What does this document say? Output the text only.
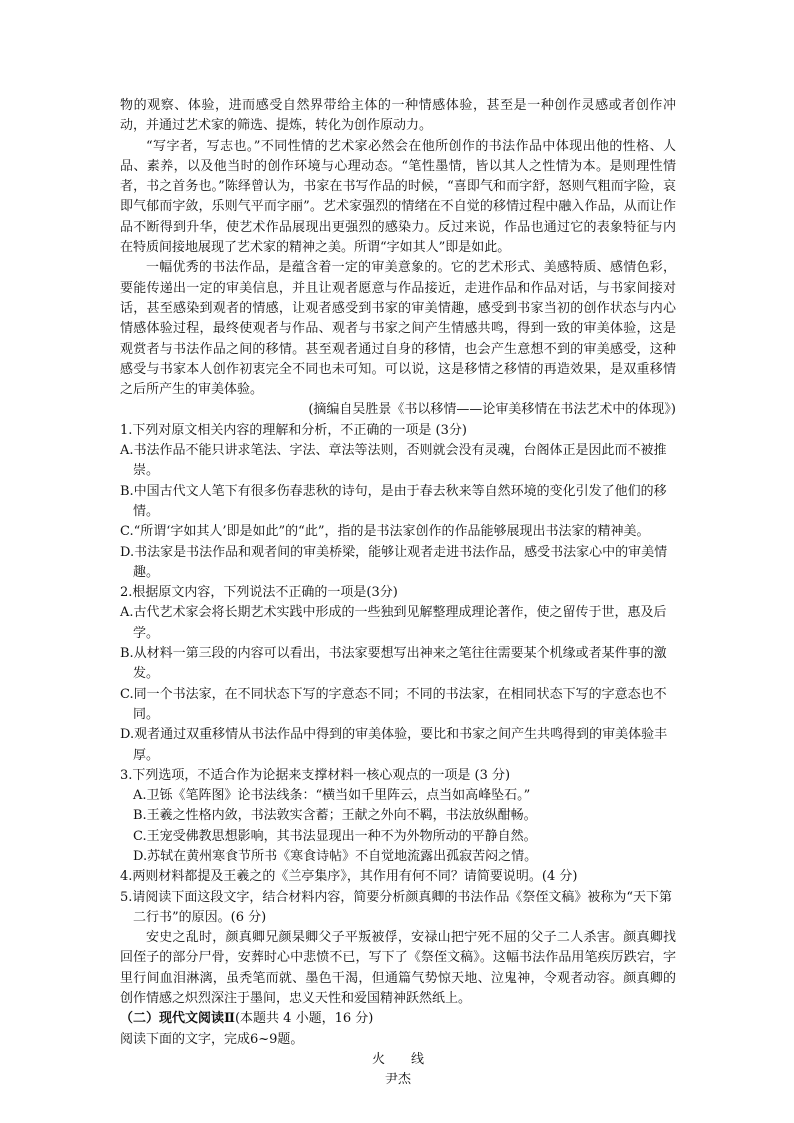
物的观察、体验，进而感受自然界带给主体的一种情感体验，甚至是一种创作灵感或者创作冲动，并通过艺术家的筛选、提炼，转化为创作原动力。

“写字者，写志也。”不同性情的艺术家必然会在他所创作的书法作品中体现出他的性格、人品、素养，以及他当时的创作环境与心理动态。“笔性墨情，皆以其人之性情为本。是则理性情者，书之首务也。”陈绎曾认为，书家在书写作品的时候，“喜即气和而字舒，怒则气粗而字险，哀即气郁而字敛，乐则气平而字丽”。艺术家强烈的情绪在不自觉的移情过程中融入作品，从而让作品不断得到升华，使艺术作品展现出更强烈的感染力。反过来说，作品也通过它的表象特征与内在特质间接地展现了艺术家的精神之美。所谓“字如其人”即是如此。

一幅优秀的书法作品，是蕴含着一定的审美意象的。它的艺术形式、美感特质、感情色彩，要能传递出一定的审美信息，并且让观者愿意与作品接近，走进作品和作品对话，与书家间接对话，甚至感染到观者的情感，让观者感受到书家的审美情趣，感受到书家当初的创作状态与内心情感体验过程，最终使观者与作品、观者与书家之间产生情感共鸣，得到一致的审美体验，这是观赏者与书法作品之间的移情。甚至观者通过自身的移情，也会产生意想不到的审美感受，这种感受与书家本人创作初衷完全不同也未可知。可以说，这是移情之移情的再造效果，是双重移情之后所产生的审美体验。

(摘编自吴胜景《书以移情——论审美移情在书法艺术中的体现》)

1.下列对原文相关内容的理解和分析，不正确的一项是 (3分)

A.书法作品不能只讲求笔法、字法、章法等法则，否则就会没有灵魂，台阁体正是因此而不被推崇。

B.中国古代文人笔下有很多伤春悲秋的诗句，是由于春去秋来等自然环境的变化引发了他们的移情。

C.“所谓‘字如其人’即是如此”的“此”，指的是书法家创作的作品能够展现出书法家的精神美。

D.书法家是书法作品和观者间的审美桥梁，能够让观者走进书法作品，感受书法家心中的审美情趣。

2.根据原文内容，下列说法不正确的一项是(3分)

A.古代艺术家会将长期艺术实践中形成的一些独到见解整理成理论著作，使之留传于世，惠及后学。

B.从材料一第三段的内容可以看出，书法家要想写出神来之笔往往需要某个机缘或者某件事的激发。

C.同一个书法家，在不同状态下写的字意态不同；不同的书法家，在相同状态下写的字意态也不同。

D.观者通过双重移情从书法作品中得到的审美体验，要比和书家之间产生共鸣得到的审美体验丰厚。

3.下列选项，不适合作为论据来支撑材料一核心观点的一项是 (3 分)

A.卫铄《笔阵图》论书法线条：“横当如千里阵云，点当如高峰坠石。”

B.王羲之性格内敛，书法敦实含蓄；王献之外向不羁，书法放纵酣畅。

C.王宠受佛教思想影响，其书法显现出一种不为外物所动的平静自然。

D.苏轼在黄州寒食节所书《寒食诗帖》不自觉地流露出孤寂苦闷之情。

4.两则材料都提及王羲之的《兰亭集序》，其作用有何不同？请简要说明。(4 分)

5.请阅读下面这段文字，结合材料内容，简要分析颜真卿的书法作品《祭侄文稿》被称为“天下第二行书”的原因。(6 分)

安史之乱时，颜真卿兄颜杲卿父子平叛被俘，安禄山把宁死不屈的父子二人杀害。颜真卿找回侄子的部分尸骨，安葬时心中悲愤不已，写下了《祭侄文稿》。这幅书法作品用笔疾厉跌宕，字里行间血泪淋漓，虽秃笔而就、墨色干渴，但通篇气势惊天地、泣鬼神，令观者动容。颜真卿的创作情感之炽烈深注于墨间，忠义天性和爱国精神跃然纸上。

（二）现代文阅读Ⅱ(本题共 4 小题，16 分)

阅读下面的文字，完成6~9题。

火　　线

尹杰
